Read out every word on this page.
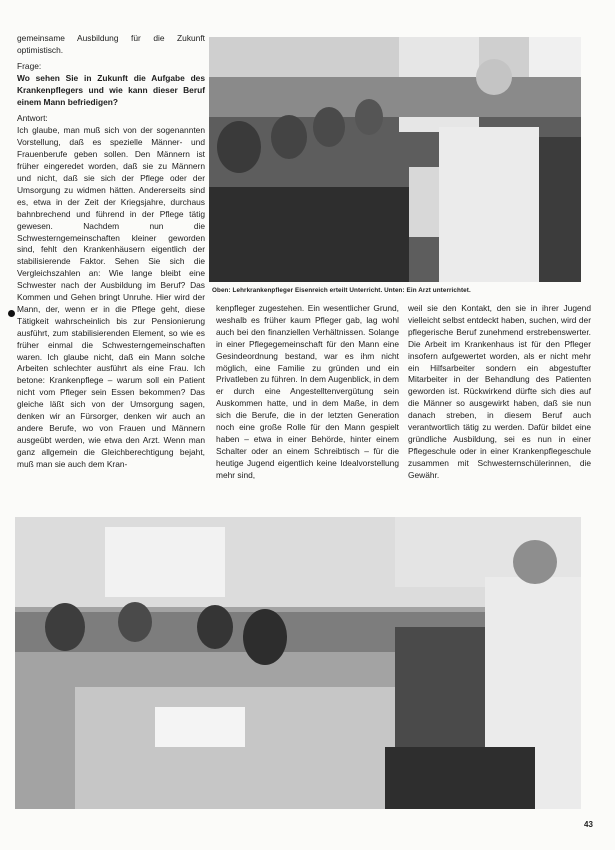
gemeinsame Ausbildung für die Zukunft optimistisch.

Frage:

Wo sehen Sie in Zukunft die Aufgabe des Krankenpflegers und wie kann dieser Beruf einem Mann befriedigen?

Antwort:

Ich glaube, man muß sich von der sogenannten Vorstellung, daß es spezielle Männer- und Frauenberufe geben sollen. Den Männern ist früher eingeredet worden, daß sie zu Männern und nicht, daß sie sich der Pflege oder der Umsorgung zu widmen hätten. Andererseits sind es, etwa in der Zeit der Kriegsjahre, durchaus bahnbrechend und führend in der Pflege tätig gewesen. Nachdem nun die Schwesterngemeinschaften kleiner geworden sind, fehlt den Krankenhäusern eigentlich der stabilisierende Faktor. Sehen Sie sich die Vergleichszahlen an: Wie lange bleibt eine Schwester nach der Ausbildung im Beruf? Das Kommen und Gehen bringt Unruhe. Hier wird der Mann, der, wenn er in die Pflege geht, diese Tätigkeit wahrscheinlich bis zur Pensionierung ausführt, zum stabilisierenden Element, so wie es früher einmal die Schwesterngemeinschaften waren. Ich glaube nicht, daß ein Mann solche Arbeiten schlechter ausführt als eine Frau. Ich betone: Krankenpflege – warum soll ein Patient nicht vom Pfleger sein Essen bekommen? Das gleiche läßt sich von der Umsorgung sagen, denken wir an Fürsorger, denken wir auch an andere Berufe, wo von Frauen und Männern ausgeübt werden, wie etwa den Arzt. Wenn man ganz allgemein die Gleichberechtigung bejaht, muß man sie auch dem Kran-

Oben: Lehrkrankenpfleger Eisenreich erteilt Unterricht. Unten: Ein Arzt unterrichtet.

kenpfleger zugestehen. Ein wesentlicher Grund, weshalb es früher kaum Pfleger gab, lag wohl auch bei den finanziellen Verhältnissen. Solange in einer Pflegegemeinschaft für den Mann eine Gesindeordnung bestand, war es ihm nicht möglich, eine Familie zu gründen und ein Privatleben zu führen. In dem Augenblick, in dem er durch eine Angestelltenvergütung sein Auskommen hatte, und in dem Maße, in dem sich die Berufe, die in der letzten Generation noch eine große Rolle für den Mann gespielt haben – etwa in einer Behörde, hinter einem Schalter oder an einem Schreibtisch – für die heutige Jugend eigentlich keine Idealvorstellung mehr sind,

weil sie den Kontakt, den sie in ihrer Jugend vielleicht selbst entdeckt haben, suchen, wird der pflegerische Beruf zunehmend erstrebenswerter. Die Arbeit im Krankenhaus ist für den Pfleger insofern aufgewertet worden, als er nicht mehr ein Hilfsarbeiter sondern ein abgestufter Mitarbeiter in der Behandlung des Patienten geworden ist. Rückwirkend dürfte sich dies auf die Männer so ausgewirkt haben, daß sie nun danach streben, in diesem Beruf auch verantwortlich tätig zu werden. Dafür bildet eine gründliche Ausbildung, sei es nun in einer Pflegeschule oder in einer Krankenpflegeschule zusammen mit Schwesternschülerinnen, die Gewähr.

43
